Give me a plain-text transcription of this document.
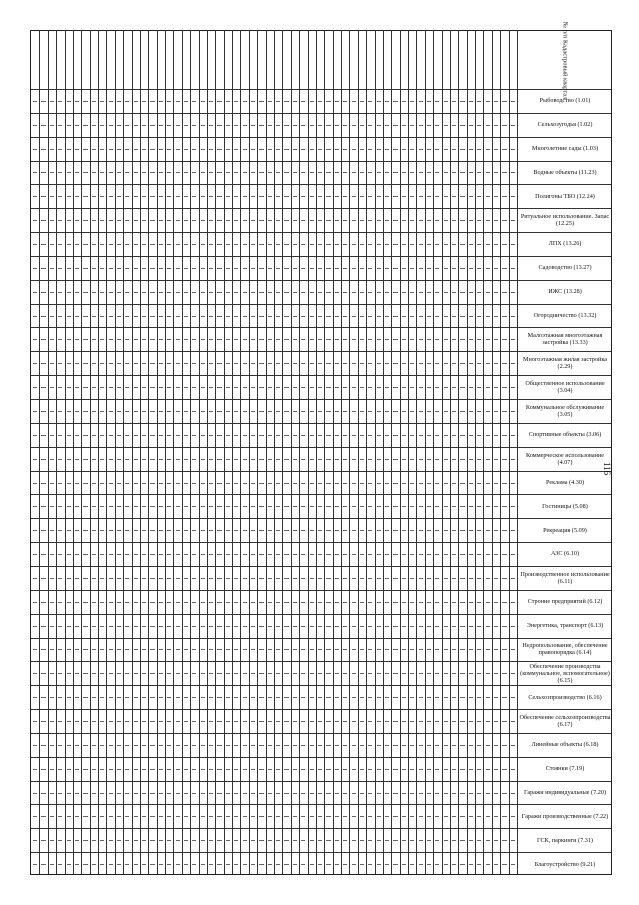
№ п/п Кадастровый квартал
Рыбоводство (1.01)
Сельхозугодья (1.02)
Многолетние сады (1.03)
Водные объекты (11.23)
Полигоны ТБО (12.24)
Ритуальное использование. Запас (12.25)
ЛПХ (13.26)
Садоводство (13.27)
ИЖС (13.28)
Огородничество (13.32)
Малоэтажная многоэтажная застройка (13.33)
Многоэтажная жилая застройка (2.29)
Общественное использование (3.04)
Коммунальное обслуживание (3.05)
Спортивные объекты (3.06)
Коммерческое использование (4.07)
Реклама (4.30)
Гостиницы (5.08)
Рекреация (5.09)
АЗС (6.10)
Производственное использование (6.11)
Строние предприятий (6.12)
Энергетика, транспорт (6.13)
Недропользование, обеспечение правопорядка (6.14)
Обеспечение производства (коммунальное, вспомогательное) (6.15)
Сельхозпроизводство (6.16)
Обеспечение сельхозпроизводства (6.17)
Линейные объекты (6.18)
Стоянки (7.19)
Гаражи индивидуальные (7.20)
Гаражи производственные (7.22)
ГСК, паркинги (7.31)
Благоустройство (9.21)
116
